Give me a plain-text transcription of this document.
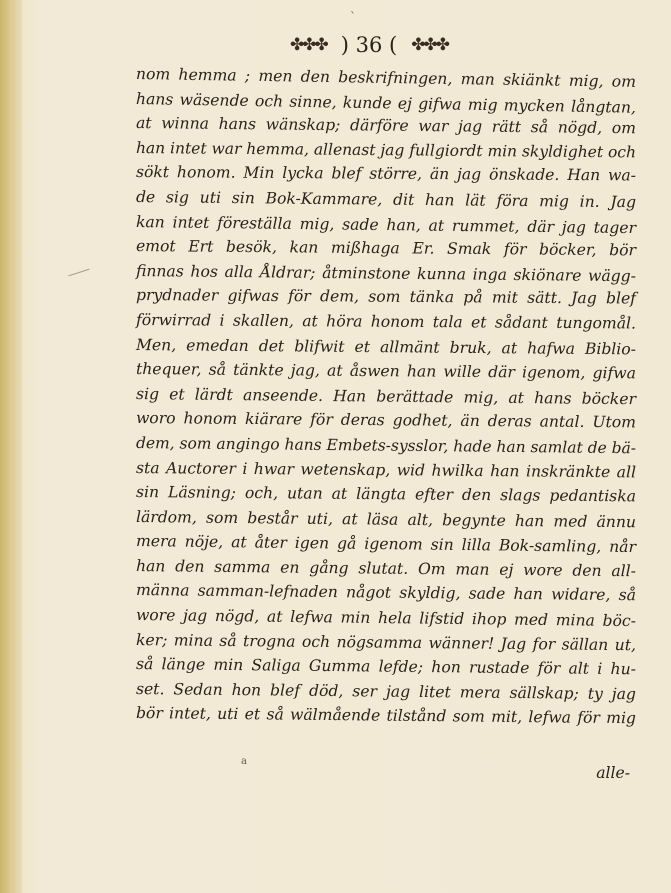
ˋ
✤✤✤ ) 36 ( ✤✤✤
nom hemma ; men den beskrifningen, man skiänkt mig, om
hans wäsende och sinne, kunde ej gifwa mig mycken långtan,
at winna hans wänskap; därföre war jag rätt så nögd, om
han intet war hemma, allenast jag fullgiordt min skyldighet och
sökt honom. Min lycka blef större, än jag önskade. Han wa-
de sig uti sin Bok-Kammare, dit han lät föra mig in. Jag
kan intet föreställa mig, sade han, at rummet, där jag tager
emot Ert besök, kan mißhaga Er. Smak för böcker, bör
finnas hos alla Åldrar; åtminstone kunna inga skiönare wägg-
prydnader gifwas för dem, som tänka på mit sätt. Jag blef
förwirrad i skallen, at höra honom tala et sådant tungomål.
Men, emedan det blifwit et allmänt bruk, at hafwa Biblio-
thequer, så tänkte jag, at åswen han wille där igenom, gifwa
sig et lärdt anseende. Han berättade mig, at hans böcker
woro honom kiärare för deras godhet, än deras antal. Utom
dem, som angingo hans Embets-sysslor, hade han samlat de bä-
sta Auctorer i hwar wetenskap, wid hwilka han inskränkte all
sin Läsning; och, utan at längta efter den slags pedantiska
lärdom, som består uti, at läsa alt, begynte han med ännu
mera nöje, at åter igen gå igenom sin lilla Bok-samling, når
han den samma en gång slutat. Om man ej wore den all-
männa samman-lefnaden något skyldig, sade han widare, så
wore jag nögd, at lefwa min hela lifstid ihop med mina böc-
ker; mina så trogna och nögsamma wänner! Jag for sällan ut,
så länge min Saliga Gumma lefde; hon rustade för alt i hu-
set. Sedan hon blef död, ser jag litet mera sällskap; ty jag
bör intet, uti et så wälmående tilstånd som mit, lefwa för mig
a
alle-
